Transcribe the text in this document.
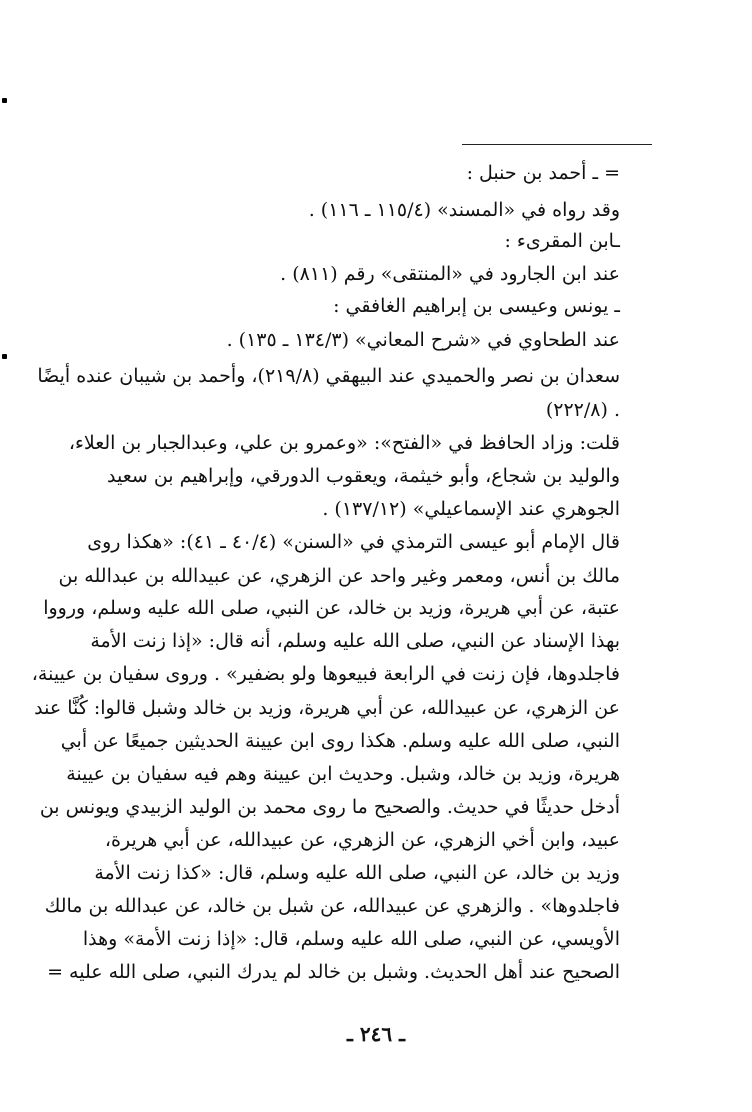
= ـ أحمد بن حنبل :
وقد رواه في «المسند» (١١٥/٤ ـ ١١٦) .
ـابن المقرىء :
عند ابن الجارود في «المنتقى» رقم (٨١١) .
ـ يونس وعيسى بن إبراهيم الغافقي :
عند الطحاوي في «شرح المعاني» (١٣٤/٣ ـ ١٣٥) .
سعدان بن نصر والحميدي عند البيهقي (٢١٩/٨)، وأحمد بن شيبان عنده أيضًا
(٢٢٢/٨) .
قلت: وزاد الحافظ في «الفتح»: «وعمرو بن علي، وعبدالجبار بن العلاء،
والوليد بن شجاع، وأبو خيثمة، ويعقوب الدورقي، وإبراهيم بن سعيد
الجوهري عند الإسماعيلي» (١٣٧/١٢) .
قال الإمام أبو عيسى الترمذي في «السنن» (٤٠/٤ ـ ٤١): «هكذا روى
مالك بن أنس، ومعمر وغير واحد عن الزهري، عن عبيدالله بن عبدالله بن
عتبة، عن أبي هريرة، وزيد بن خالد، عن النبي، صلى الله عليه وسلم، ورووا
بهذا الإسناد عن النبي، صلى الله عليه وسلم، أنه قال: «إذا زنت الأمة
فاجلدوها، فإن زنت في الرابعة فبيعوها ولو بضفير» . وروى سفيان بن عيينة،
عن الزهري، عن عبيدالله، عن أبي هريرة، وزيد بن خالد وشبل قالوا: كُنَّا عند
النبي، صلى الله عليه وسلم. هكذا روى ابن عيينة الحديثين جميعًا عن أبي
هريرة، وزيد بن خالد، وشبل. وحديث ابن عيينة وهم فيه سفيان بن عيينة
أدخل حديثًا في حديث. والصحيح ما روى محمد بن الوليد الزبيدي ويونس بن
عبيد، وابن أخي الزهري، عن الزهري، عن عبيدالله، عن أبي هريرة،
وزيد بن خالد، عن النبي، صلى الله عليه وسلم، قال: «كذا زنت الأمة
فاجلدوها» . والزهري عن عبيدالله، عن شبل بن خالد، عن عبدالله بن مالك
الأويسي، عن النبي، صلى الله عليه وسلم، قال: «إذا زنت الأمة» وهذا
الصحيح عند أهل الحديث. وشبل بن خالد لم يدرك النبي، صلى الله عليه =
ـ ٢٤٦ ـ
